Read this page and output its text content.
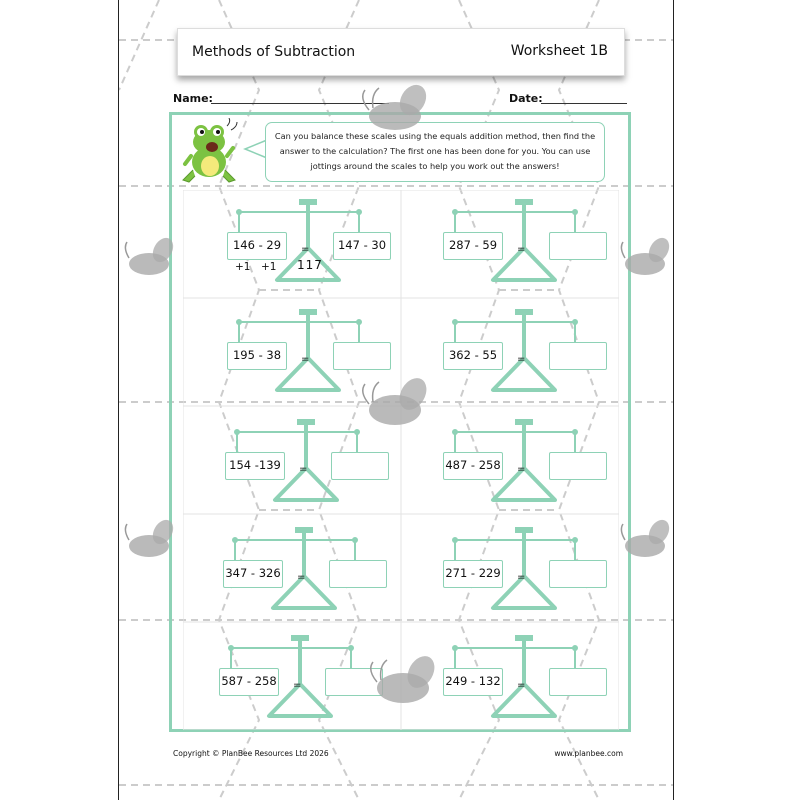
Methods of Subtraction	Worksheet 1B
Name:	Date:
Can you balance these scales using the equals addition method, then find the answer to the calculation? The first one has been done for you. You can use jottings around the scales to help you work out the answers!
146 - 29	147 - 30
=
+1 +1 117
195 - 38	=
154 -139	=
347 - 326 =
587 - 258 =
287 - 59	=
362 - 55	=
487 - 258 =
271 - 229 =
249 - 132 =
Copyright © PlanBee Resources Ltd 2026	www.planbee.com
